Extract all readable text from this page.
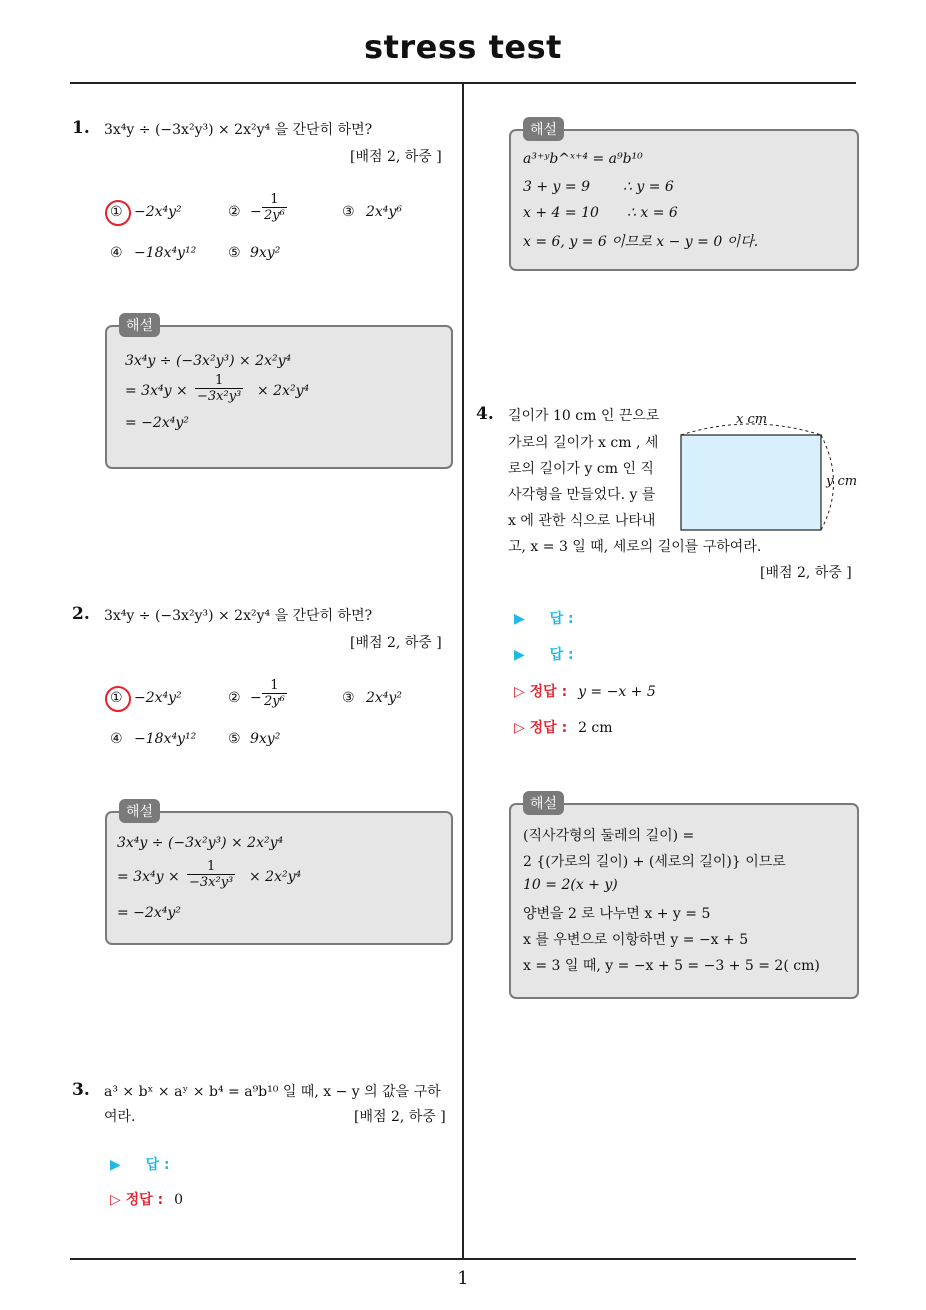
stress test
1
1. 3x⁴y ÷ (−3x²y³) × 2x²y⁴ 을 간단히 하면?
[배점 2, 하중 ]
① −2x⁴y²	② − $\frac{1}{\text{2y⁶}}$	③ 2x⁴y⁶
④ −18x⁴y¹² ⑤ 9xy²
해설
3x⁴y ÷ (−3x²y³) × 2x²y⁴
= $3x^4y \times \frac{1}{\text{−3x²y³}} \times 2x^2y^4$
= −2x⁴y²
2. 3x⁴y ÷ (−3x²y³) × 2x²y⁴ 을 간단히 하면?
[배점 2, 하중 ]
① −2x⁴y²	② − $\frac{1}{\text{2y⁶}}$	③ 2x⁴y²
④ −18x⁴y¹² ⑤ 9xy²
해설
3x⁴y ÷ (−3x²y³) × 2x²y⁴
= $3x^4y \times \frac{1}{\text{−3x²y³}} \times 2x^2y^4$
= −2x⁴y²
3. a³ × bˣ × aʸ × b⁴ = a⁹b¹⁰ 일 때, x − y 의 값을 구하
여라.	[배점 2, 하중 ]
▶ 답 :
▷ 정답 : 0
해설
a³⁺ʸb^ˣ⁺⁴ = a⁹b¹⁰
3 + y = 9 ∴ y = 6
x + 4 = 10 ∴ x = 6
x = 6, y = 6 이므로 x − y = 0 이다.
4. 길이가 10 cm 인 끈으로
가로의 길이가 x cm , 세
로의 길이가 y cm 인 직
사각형을 만들었다. y 를
x 에 관한 식으로 나타내
고, x = 3 일 때, 세로의 길이를 구하여라.
x cm
y cm
[배점 2, 하중 ]
▶ 답 :
▶ 답 :
▷ 정답 : y = −x + 5
▷ 정답 : 2 cm
해설
(직사각형의 둘레의 길이) =
2 {(가로의 길이) + (세로의 길이)} 이므로
10 = 2(x + y)
양변을 2 로 나누면 x + y = 5
x 를 우변으로 이항하면 y = −x + 5
x = 3 일 때, y = −x + 5 = −3 + 5 = 2( cm)
